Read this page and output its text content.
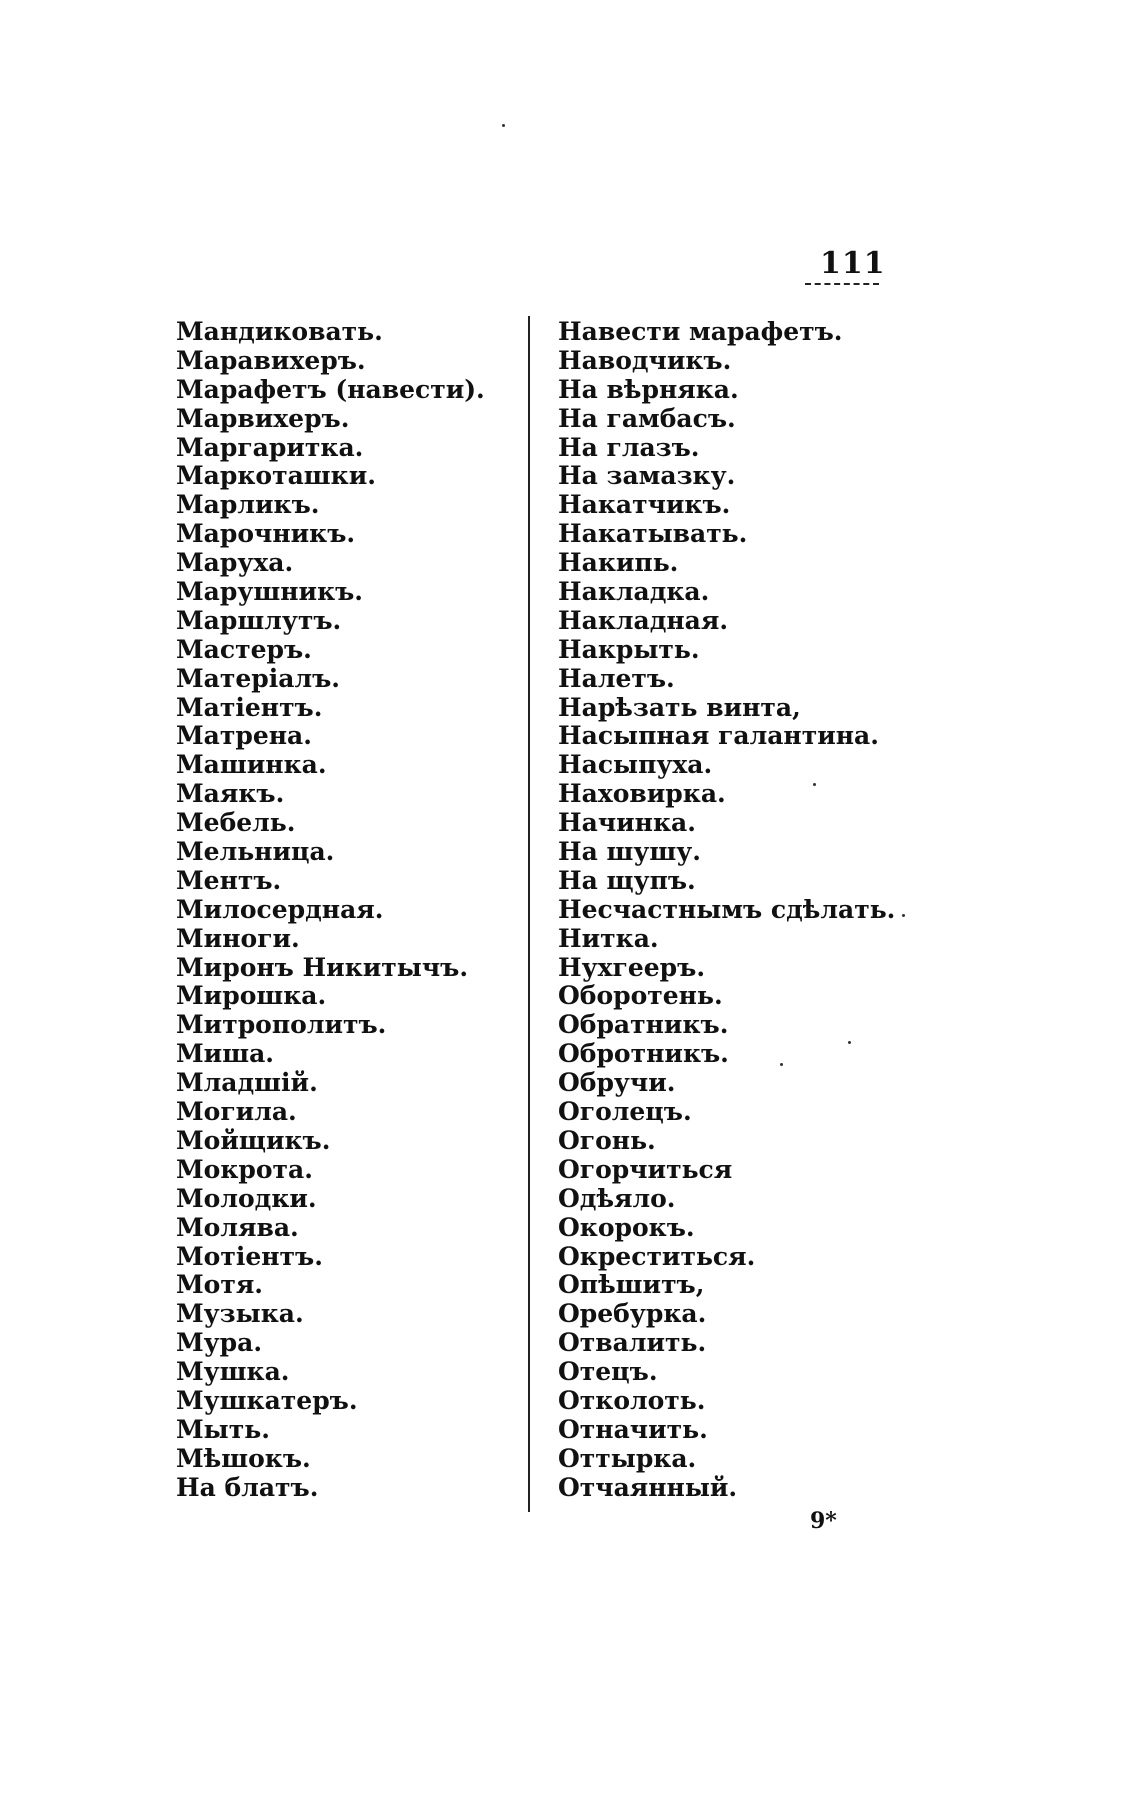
111
Мандиковать.
Маравихеръ.
Марафетъ (навести).
Марвихеръ.
Маргаритка.
Маркоташки.
Марликъ.
Марочникъ.
Маруха.
Марушникъ.
Маршлутъ.
Мастеръ.
Матеріалъ.
Матіентъ.
Матрена.
Машинка.
Маякъ.
Мебель.
Мельница.
Ментъ.
Милосердная.
Миноги.
Миронъ Никитычъ.
Мирошка.
Митрополитъ.
Миша.
Младшій.
Могила.
Мойщикъ.
Мокрота.
Молодки.
Молява.
Мотіентъ.
Мотя.
Музыка.
Мура.
Мушка.
Мушкатеръ.
Мыть.
Мѣшокъ.
На блатъ.
Навести марафетъ.
Наводчикъ.
На вѣрняка.
На гамбасъ.
На глазъ.
На замазку.
Накатчикъ.
Накатывать.
Накипь.
Накладка.
Накладная.
Накрыть.
Налетъ.
Нарѣзать винта,
Насыпная галантина.
Насыпуха.
Наховирка.
Начинка.
На шушу.
На щупъ.
Несчастнымъ сдѣлать.
Нитка.
Нухгееръ.
Оборотень.
Обратникъ.
Обротникъ.
Обручи.
Оголецъ.
Огонь.
Огорчиться
Одѣяло.
Окорокъ.
Окреститься.
Опѣшитъ,
Оребурка.
Отвалить.
Отецъ.
Отколоть.
Отначить.
Оттырка.
Отчаянный.
9*
